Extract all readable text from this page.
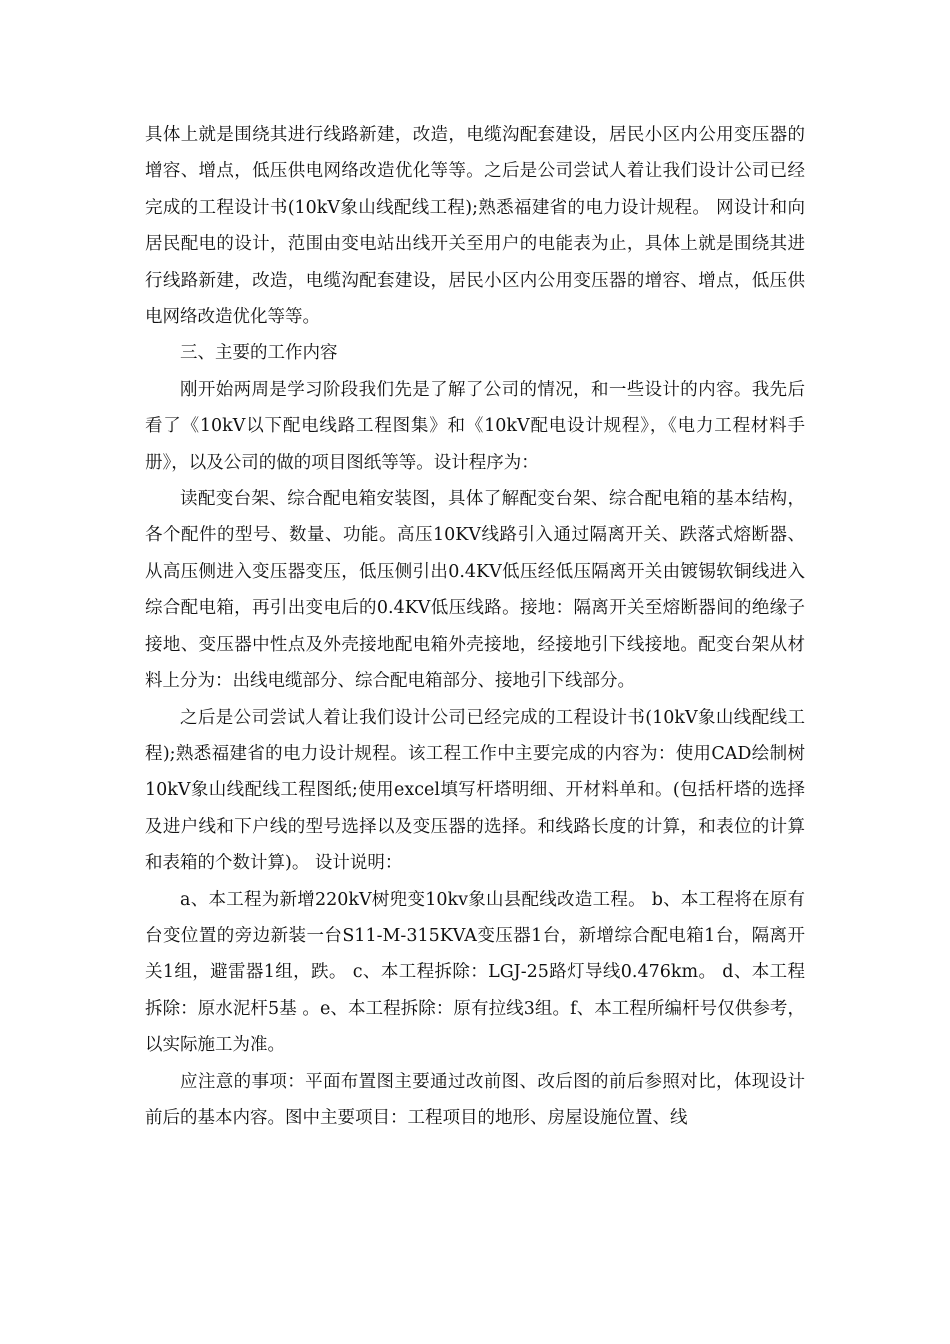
具体上就是围绕其进行线路新建，改造，电缆沟配套建设，居民小区内公用变压器的增容、增点，低压供电网络改造优化等等。之后是公司尝试人着让我们设计公司已经完成的工程设计书(10kV象山线配线工程);熟悉福建省的电力设计规程。 网设计和向居民配电的设计，范围由变电站出线开关至用户的电能表为止，具体上就是围绕其进行线路新建，改造，电缆沟配套建设，居民小区内公用变压器的增容、增点，低压供电网络改造优化等等。

三、主要的工作内容

刚开始两周是学习阶段我们先是了解了公司的情况，和一些设计的内容。我先后看了《10kV以下配电线路工程图集》和《10kV配电设计规程》，《电力工程材料手册》，以及公司的做的项目图纸等等。设计程序为：

读配变台架、综合配电箱安装图，具体了解配变台架、综合配电箱的基本结构，各个配件的型号、数量、功能。高压10KV线路引入通过隔离开关、跌落式熔断器、从高压侧进入变压器变压，低压侧引出0.4KV低压经低压隔离开关由镀锡软铜线进入综合配电箱，再引出变电后的0.4KV低压线路。接地：隔离开关至熔断器间的绝缘子接地、变压器中性点及外壳接地配电箱外壳接地，经接地引下线接地。配变台架从材料上分为：出线电缆部分、综合配电箱部分、接地引下线部分。

之后是公司尝试人着让我们设计公司已经完成的工程设计书(10kV象山线配线工程);熟悉福建省的电力设计规程。该工程工作中主要完成的内容为：使用CAD绘制树10kV象山线配线工程图纸;使用excel填写杆塔明细、开材料单和。(包括杆塔的选择及进户线和下户线的型号选择以及变压器的选择。和线路长度的计算，和表位的计算和表箱的个数计算)。 设计说明：

a、本工程为新增220kV树兜变10kv象山县配线改造工程。 b、本工程将在原有台变位置的旁边新装一台S11-M-315KVA变压器1台，新增综合配电箱1台，隔离开关1组，避雷器1组，跌。 c、本工程拆除：LGJ-25路灯导线0.476km。 d、本工程拆除：原水泥杆5基 。e、本工程拆除：原有拉线3组。f、本工程所编杆号仅供参考，以实际施工为准。

应注意的事项：平面布置图主要通过改前图、改后图的前后参照对比，体现设计前后的基本内容。图中主要项目：工程项目的地形、房屋设施位置、线
